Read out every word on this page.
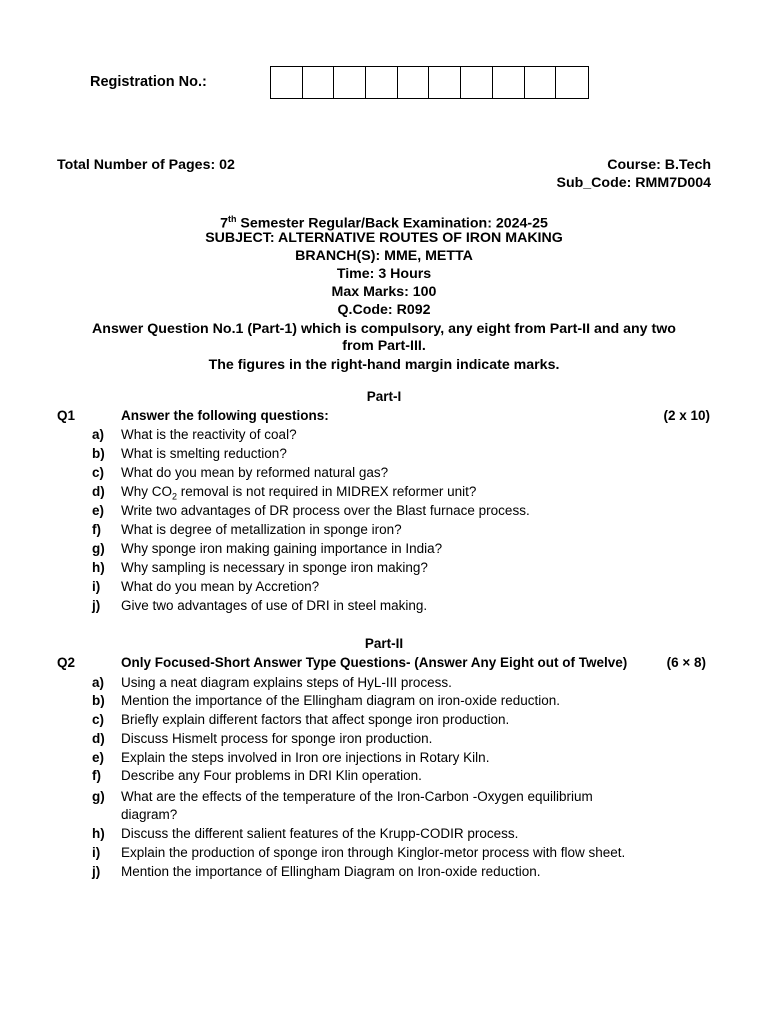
Registration No.:
Total Number of Pages: 02	Course: B.Tech
Sub_Code: RMM7D004
7th Semester Regular/Back Examination: 2024-25
SUBJECT: ALTERNATIVE ROUTES OF IRON MAKING
BRANCH(S): MME, METTA
Time: 3 Hours
Max Marks: 100
Q.Code: R092
Answer Question No.1 (Part-1) which is compulsory, any eight from Part-II and any two
from Part-III.
The figures in the right-hand margin indicate marks.
Part-I
Q1	Answer the following questions:	(2 x 10)
a) What is the reactivity of coal?
b) What is smelting reduction?
c) What do you mean by reformed natural gas?
d) Why $CO_2$ removal is not required in MIDREX reformer unit?
e) Write two advantages of DR process over the Blast furnace process.
f) What is degree of metallization in sponge iron?
g) Why sponge iron making gaining importance in India?
h) Why sampling is necessary in sponge iron making?
i) What do you mean by Accretion?
j) Give two advantages of use of DRI in steel making.
Part-II
Q2	Only Focused-Short Answer Type Questions- (Answer Any Eight out of Twelve)	(6 × 8)
a) Using a neat diagram explains steps of HyL-III process.
b) Mention the importance of the Ellingham diagram on iron-oxide reduction.
c) Briefly explain different factors that affect sponge iron production.
d) Discuss Hismelt process for sponge iron production.
e) Explain the steps involved in Iron ore injections in Rotary Kiln.
f) Describe any Four problems in DRI Klin operation.
g) What are the effects of the temperature of the Iron-Carbon -Oxygen equilibrium diagram?
h) Discuss the different salient features of the Krupp-CODIR process.
i) Explain the production of sponge iron through Kinglor-metor process with flow sheet.
j) Mention the importance of Ellingham Diagram on Iron-oxide reduction.
